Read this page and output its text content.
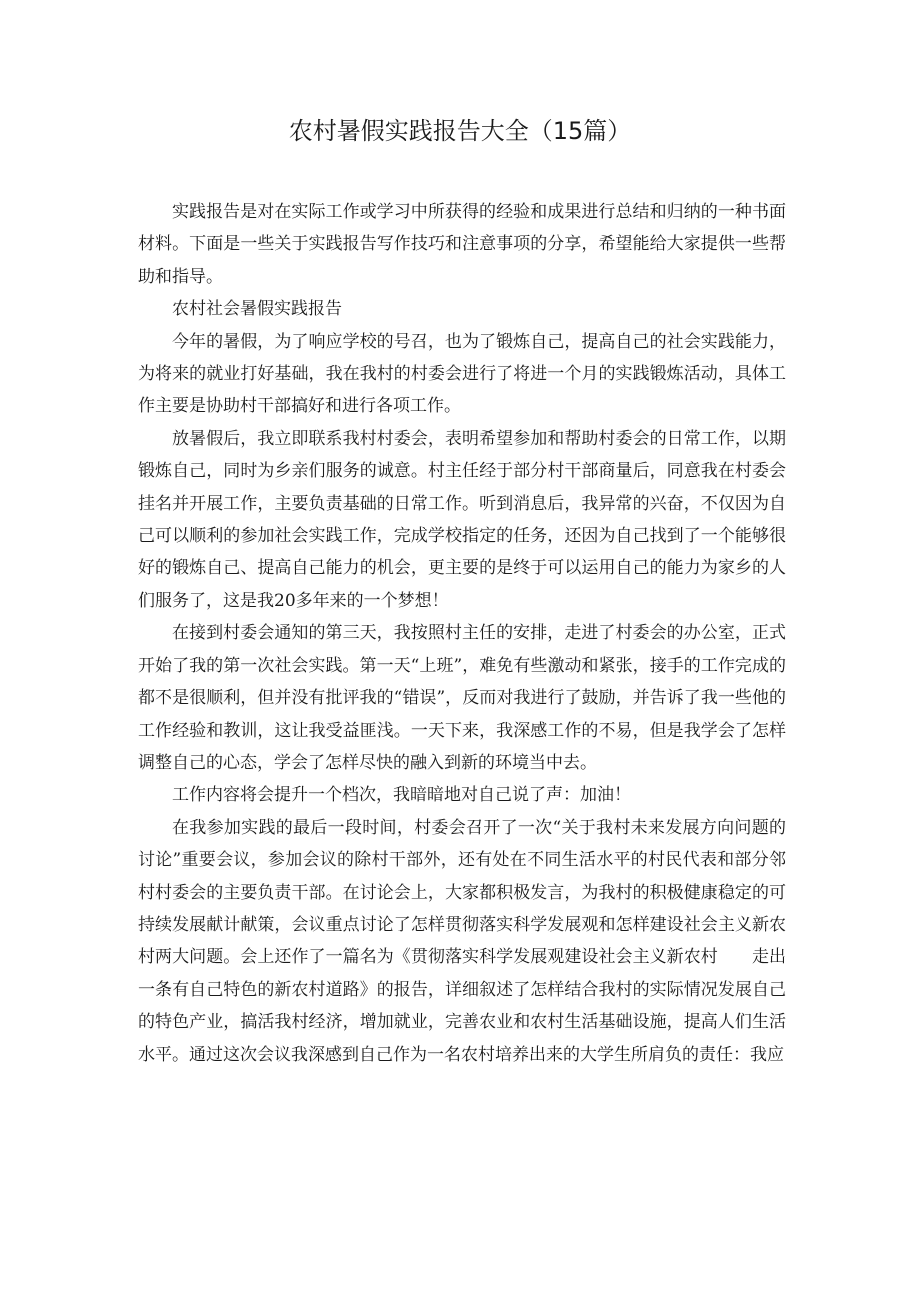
农村暑假实践报告大全（15篇）

实践报告是对在实际工作或学习中所获得的经验和成果进行总结和归纳的一种书面材料。下面是一些关于实践报告写作技巧和注意事项的分享，希望能给大家提供一些帮助和指导。

农村社会暑假实践报告

今年的暑假，为了响应学校的号召，也为了锻炼自己，提高自己的社会实践能力，为将来的就业打好基础，我在我村的村委会进行了将进一个月的实践锻炼活动，具体工作主要是协助村干部搞好和进行各项工作。

放暑假后，我立即联系我村村委会，表明希望参加和帮助村委会的日常工作，以期锻炼自己，同时为乡亲们服务的诚意。村主任经于部分村干部商量后，同意我在村委会挂名并开展工作，主要负责基础的日常工作。听到消息后，我异常的兴奋，不仅因为自己可以顺利的参加社会实践工作，完成学校指定的任务，还因为自己找到了一个能够很好的锻炼自己、提高自己能力的机会，更主要的是终于可以运用自己的能力为家乡的人们服务了，这是我20多年来的一个梦想！

在接到村委会通知的第三天，我按照村主任的安排，走进了村委会的办公室，正式开始了我的第一次社会实践。第一天“上班”，难免有些激动和紧张，接手的工作完成的都不是很顺利，但并没有批评我的“错误”，反而对我进行了鼓励，并告诉了我一些他的工作经验和教训，这让我受益匪浅。一天下来，我深感工作的不易，但是我学会了怎样调整自己的心态，学会了怎样尽快的融入到新的环境当中去。

工作内容将会提升一个档次，我暗暗地对自己说了声：加油！

在我参加实践的最后一段时间，村委会召开了一次“关于我村未来发展方向问题的讨论”重要会议，参加会议的除村干部外，还有处在不同生活水平的村民代表和部分邻村村委会的主要负责干部。在讨论会上，大家都积极发言，为我村的积极健康稳定的可持续发展献计献策，会议重点讨论了怎样贯彻落实科学发展观和怎样建设社会主义新农村两大问题。会上还作了一篇名为《贯彻落实科学发展观建设社会主义新农村　　走出一条有自己特色的新农村道路》的报告，详细叙述了怎样结合我村的实际情况发展自己的特色产业，搞活我村经济，增加就业，完善农业和农村生活基础设施，提高人们生活水平。通过这次会议我深感到自己作为一名农村培养出来的大学生所肩负的责任：我应
